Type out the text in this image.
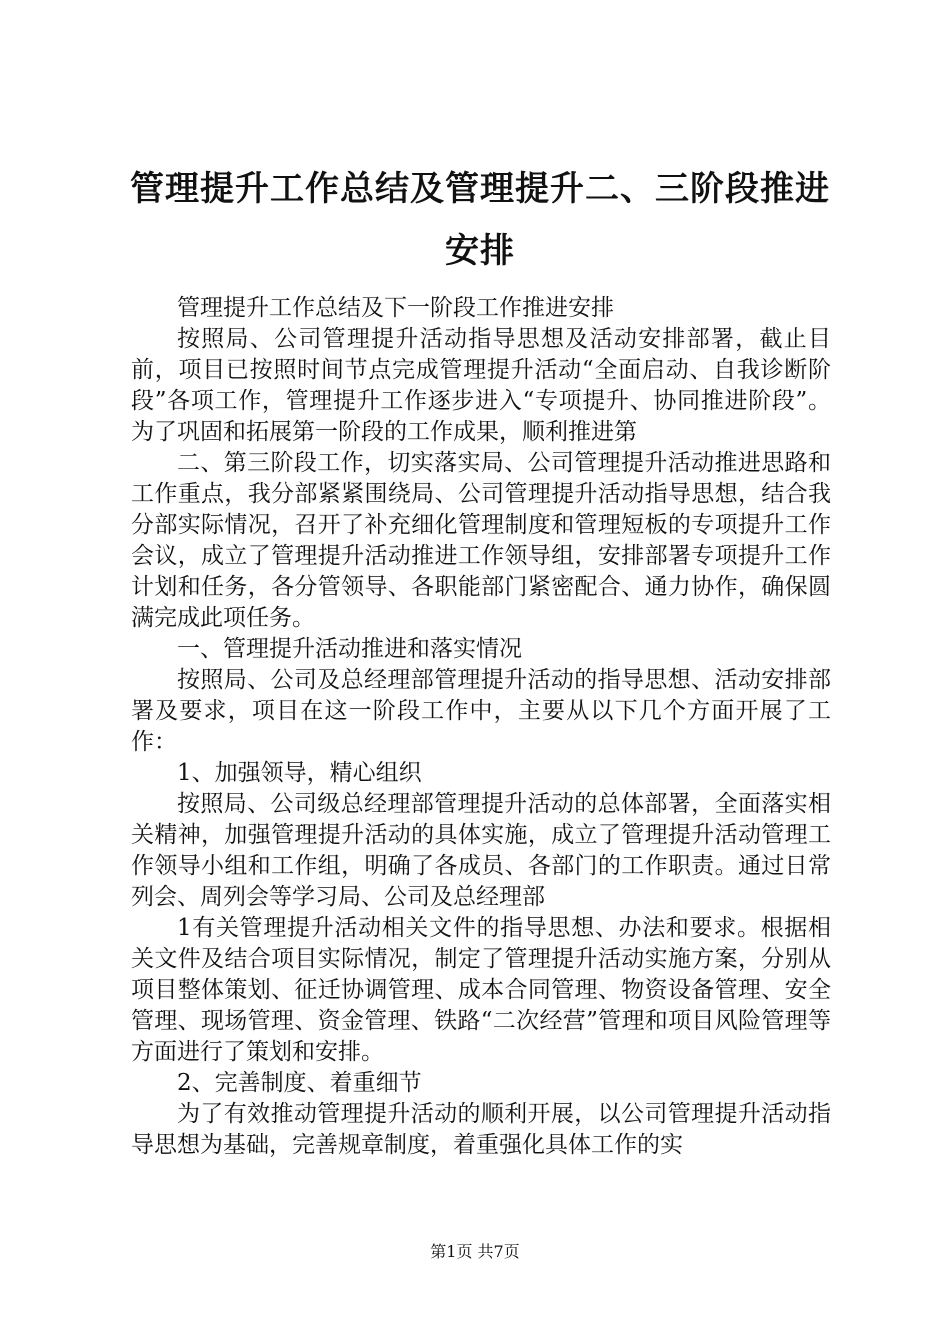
管理提升工作总结及管理提升二、三阶段推进安排

管理提升工作总结及下一阶段工作推进安排

按照局、公司管理提升活动指导思想及活动安排部署，截止目前，项目已按照时间节点完成管理提升活动“全面启动、自我诊断阶段”各项工作，管理提升工作逐步进入“专项提升、协同推进阶段”。为了巩固和拓展第一阶段的工作成果，顺利推进第

二、第三阶段工作，切实落实局、公司管理提升活动推进思路和工作重点，我分部紧紧围绕局、公司管理提升活动指导思想，结合我分部实际情况，召开了补充细化管理制度和管理短板的专项提升工作会议，成立了管理提升活动推进工作领导组，安排部署专项提升工作计划和任务，各分管领导、各职能部门紧密配合、通力协作，确保圆满完成此项任务。

一、管理提升活动推进和落实情况

按照局、公司及总经理部管理提升活动的指导思想、活动安排部署及要求，项目在这一阶段工作中，主要从以下几个方面开展了工作：

1、加强领导，精心组织

按照局、公司级总经理部管理提升活动的总体部署，全面落实相关精神，加强管理提升活动的具体实施，成立了管理提升活动管理工作领导小组和工作组，明确了各成员、各部门的工作职责。通过日常列会、周列会等学习局、公司及总经理部

1有关管理提升活动相关文件的指导思想、办法和要求。根据相关文件及结合项目实际情况，制定了管理提升活动实施方案，分别从项目整体策划、征迁协调管理、成本合同管理、物资设备管理、安全管理、现场管理、资金管理、铁路“二次经营”管理和项目风险管理等方面进行了策划和安排。

2、完善制度、着重细节

为了有效推动管理提升活动的顺利开展，以公司管理提升活动指导思想为基础，完善规章制度，着重强化具体工作的实

第1页 共7页
